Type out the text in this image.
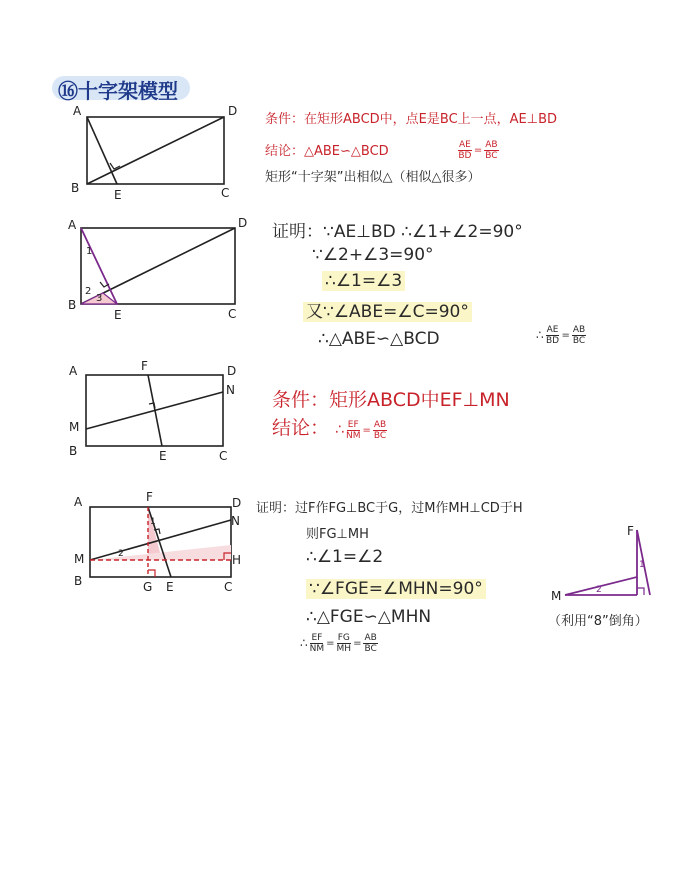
⑯十字架模型
A	D
B	E	C
条件：在矩形ABCD中，点E是BC上一点，AE⊥BD
结论：△ABE∽△BCD	$\frac{AE}{BD} = \frac{AB}{BC}$
矩形“十字架”出相似△（相似△很多）
A	D
B
E	C
1
2
3
证明：∵AE⊥BD ∴∠1+∠2=90°
∵∠2+∠3=90°
∴∠1=∠3
又∵∠ABE=∠C=90°
∴△ABE∽△BCD	∴ $\frac{AE}{BD} = \frac{AB}{BC}$
A	F	D
N
M
B	E	C
条件：矩形ABCD中EF⊥MN
结论： ∴ $\frac{EF}{NM} = \frac{AB}{BC}$
A	F	D
N
M	H
B	G E	C
1
2
证明：过F作FG⊥BC于G，过M作MH⊥CD于H
则FG⊥MH
∴∠1=∠2
∵∠FGE=∠MHN=90°
∴△FGE∽△MHN
∴ $\frac{EF}{NM} = \frac{FG}{MH} = \frac{AB}{BC}$
F
M
1
2
（利用“8”倒角）
